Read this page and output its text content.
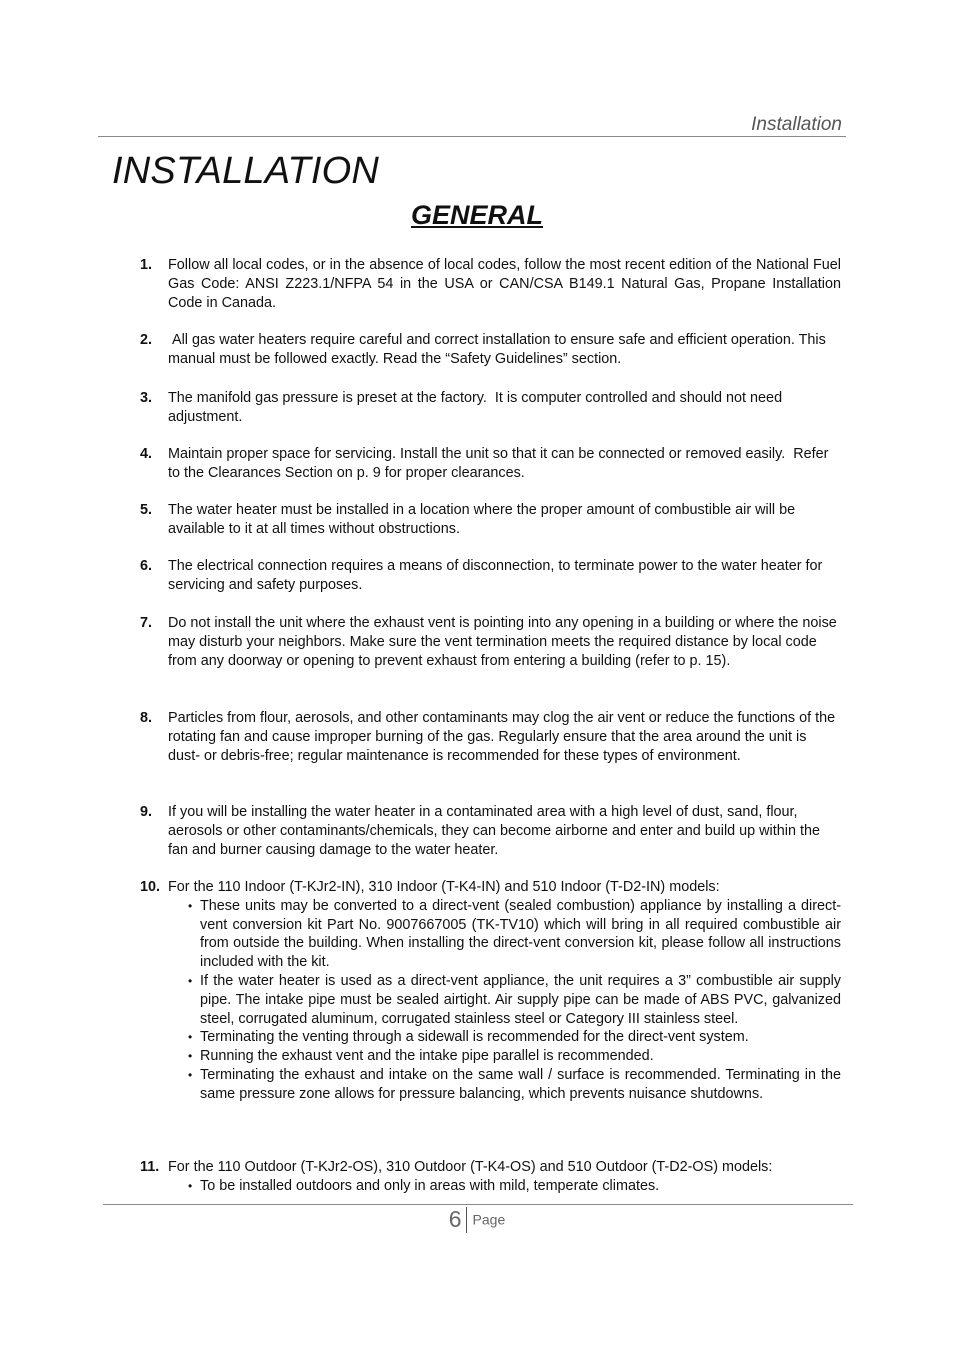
Installation
INSTALLATION
GENERAL
1.	Follow all local codes, or in the absence of local codes, follow the most recent edition of the National Fuel Gas Code: ANSI Z223.1/NFPA 54 in the USA or CAN/CSA B149.1 Natural Gas, Propane Installation Code in Canada.
2.	All gas water heaters require careful and correct installation to ensure safe and efficient operation. This manual must be followed exactly. Read the “Safety Guidelines” section.
3.	The manifold gas pressure is preset at the factory.  It is computer controlled and should not need adjustment.
4.	Maintain proper space for servicing. Install the unit so that it can be connected or removed easily.  Refer to the Clearances Section on p. 9 for proper clearances.
5.	The water heater must be installed in a location where the proper amount of combustible air will be available to it at all times without obstructions.
6.	The electrical connection requires a means of disconnection, to terminate power to the water heater for servicing and safety purposes.
7.	Do not install the unit where the exhaust vent is pointing into any opening in a building or where the noise may disturb your neighbors. Make sure the vent termination meets the required distance by local code from any doorway or opening to prevent exhaust from entering a building (refer to p. 15).
8.	Particles from flour, aerosols, and other contaminants may clog the air vent or reduce the functions of the rotating fan and cause improper burning of the gas. Regularly ensure that the area around the unit is dust- or debris-free; regular maintenance is recommended for these types of environment.
9.	If you will be installing the water heater in a contaminated area with a high level of dust, sand, flour, aerosols or other contaminants/chemicals, they can become airborne and enter and build up within the fan and burner causing damage to the water heater.
10. For the 110 Indoor (T-KJr2-IN), 310 Indoor (T-K4-IN) and 510 Indoor (T-D2-IN) models:
• These units may be converted to a direct-vent (sealed combustion) appliance by installing a direct-vent conversion kit Part No. 9007667005 (TK-TV10) which will bring in all required combustible air from outside the building. When installing the direct-vent conversion kit, please follow all instructions included with the kit.
• If the water heater is used as a direct-vent appliance, the unit requires a 3” combustible air supply pipe. The intake pipe must be sealed airtight. Air supply pipe can be made of ABS PVC, galvanized steel, corrugated aluminum, corrugated stainless steel or Category III stainless steel.
• Terminating the venting through a sidewall is recommended for the direct-vent system.
• Running the exhaust vent and the intake pipe parallel is recommended.
• Terminating the exhaust and intake on the same wall / surface is recommended. Terminating in the same pressure zone allows for pressure balancing, which prevents nuisance shutdowns.
11. For the 110 Outdoor (T-KJr2-OS), 310 Outdoor (T-K4-OS) and 510 Outdoor (T-D2-OS) models:
• To be installed outdoors and only in areas with mild, temperate climates.
6 Page
